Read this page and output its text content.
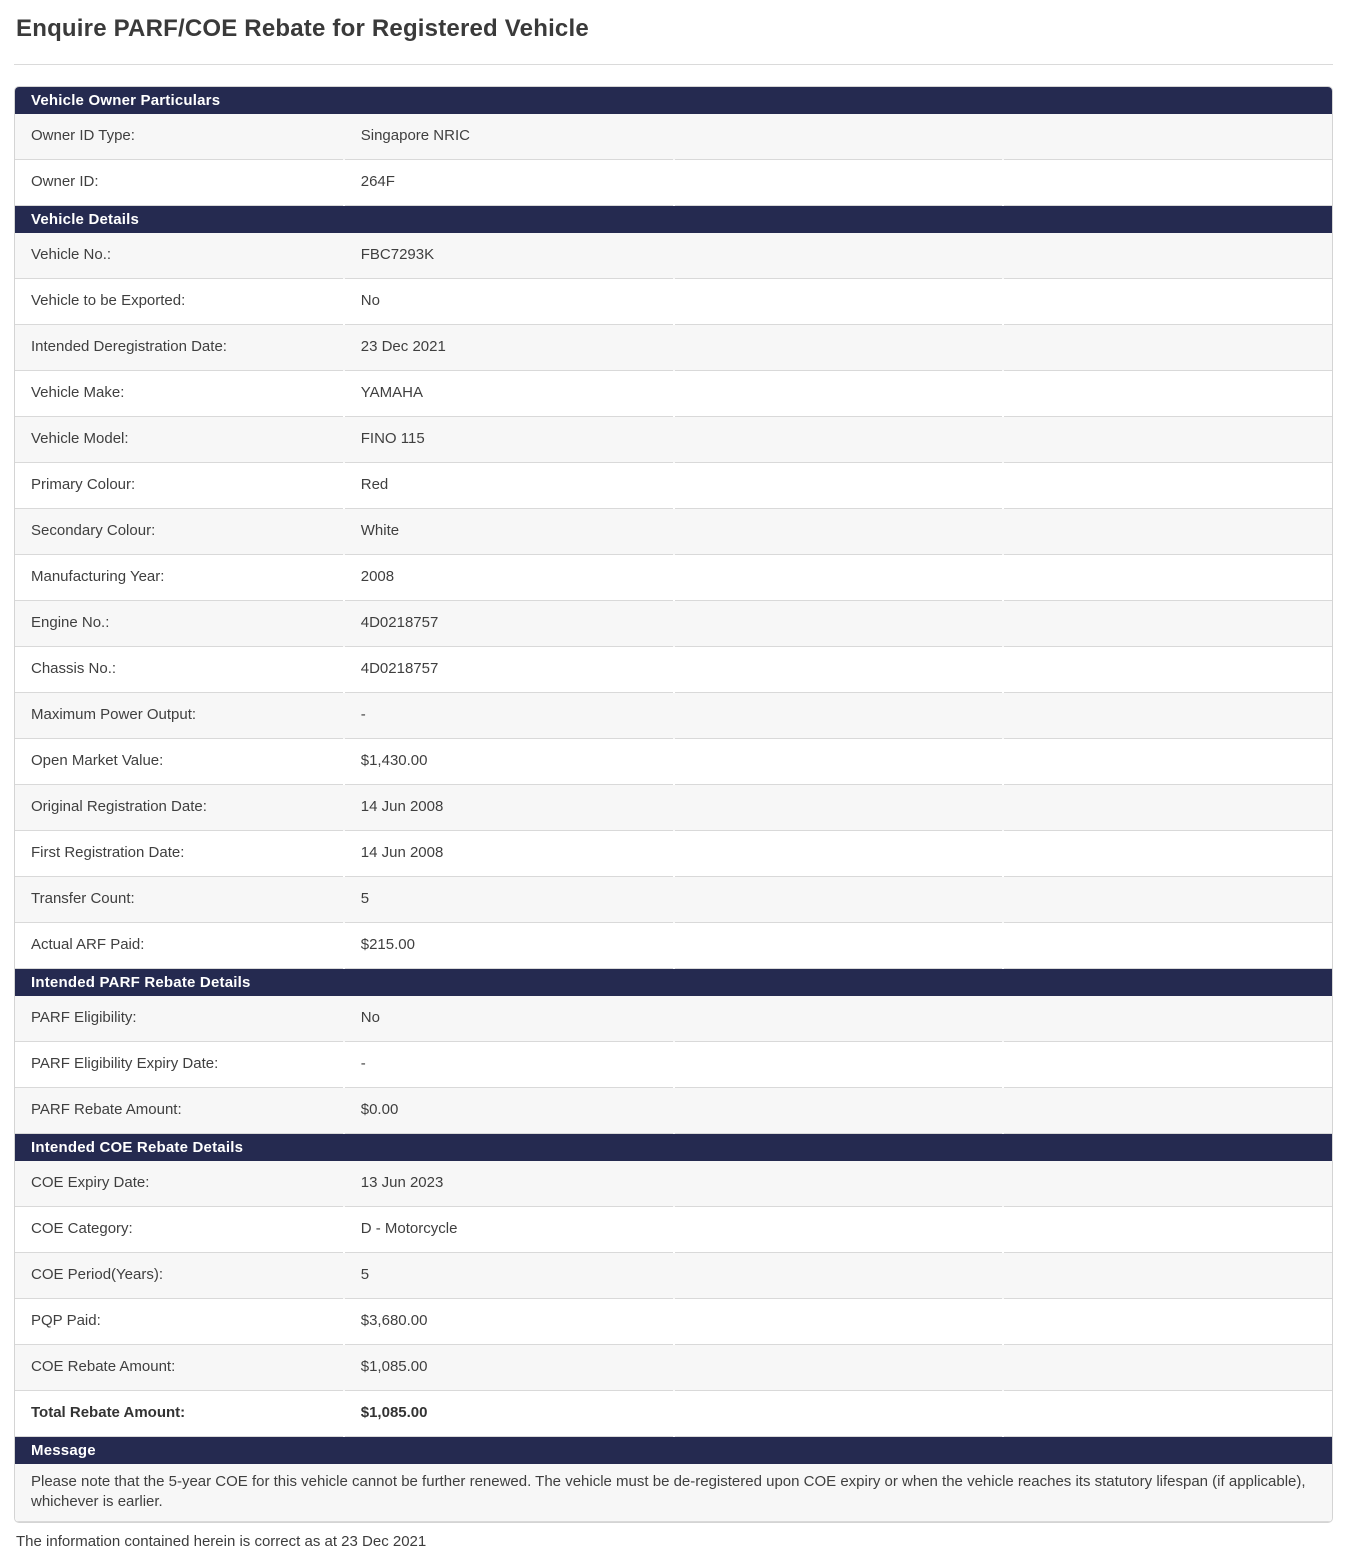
Enquire PARF/COE Rebate for Registered Vehicle
Vehicle Owner Particulars
Owner ID Type:	Singapore NRIC
Owner ID:	264F
Vehicle Details
Vehicle No.:	FBC7293K
Vehicle to be Exported:	No
Intended Deregistration Date:	23 Dec 2021
Vehicle Make:	YAMAHA
Vehicle Model:	FINO 115
Primary Colour:	Red
Secondary Colour:	White
Manufacturing Year:	2008
Engine No.:	4D0218757
Chassis No.:	4D0218757
Maximum Power Output:	-
Open Market Value:	$1,430.00
Original Registration Date:	14 Jun 2008
First Registration Date:	14 Jun 2008
Transfer Count:	5
Actual ARF Paid:	$215.00
Intended PARF Rebate Details
PARF Eligibility:	No
PARF Eligibility Expiry Date:	-
PARF Rebate Amount:	$0.00
Intended COE Rebate Details
COE Expiry Date:	13 Jun 2023
COE Category:	D - Motorcycle
COE Period(Years):	5
PQP Paid:	$3,680.00
COE Rebate Amount:	$1,085.00
Total Rebate Amount:	$1,085.00
Message
Please note that the 5-year COE for this vehicle cannot be further renewed. The vehicle must be de-registered upon COE expiry or when the vehicle reaches its statutory lifespan (if applicable), whichever is earlier.

The information contained herein is correct as at 23 Dec 2021
